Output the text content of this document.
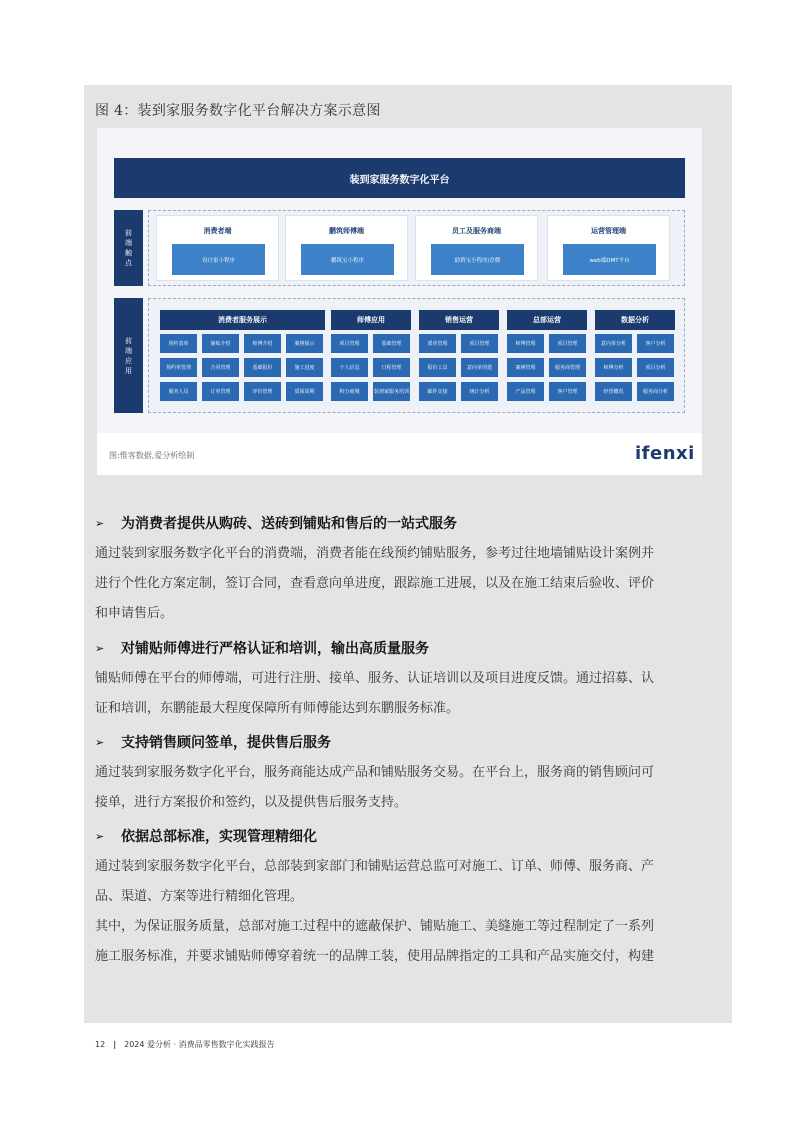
图 4：装到家服务数字化平台解决方案示意图
装到家服务数字化平台
前端触点
消费者端
设计家小程序
鹏筑师傅端
鹏筑宝小程序
员工及服务商端
助销宝小程序/企微
运营管理端
web端DMT平台
前端应用
消费者服务展示
预约表单	铺贴介绍	师傅介绍	案例展示
预约单管理	合同管理	基础报价	施工进度
服务人员	订单管理	评价管理	质保周期
师傅应用
项目管理	基础管理
个人信息	日程管理
积分商城	装到家服务培训
销售运营
派单管理	项目管理
报价工具	意向单创建
邮件交接	统计分析
总部运营
师傅管理	项目管理
案例管理	服务商管理
产品管理	客户管理
数据分析
意向单分析	客户分析
师傅分析	项目分析
经营概况	服务商分析
图:惟客数据,爱分析绘制	ifenxi
➢	为消费者提供从购砖、送砖到铺贴和售后的一站式服务
通过装到家服务数字化平台的消费端，消费者能在线预约铺贴服务，参考过往地墙铺贴设计案例并
进行个性化方案定制，签订合同，查看意向单进度，跟踪施工进展，以及在施工结束后验收、评价
和申请售后。
➢	对铺贴师傅进行严格认证和培训，输出高质量服务
铺贴师傅在平台的师傅端，可进行注册、接单、服务、认证培训以及项目进度反馈。通过招募、认
证和培训，东鹏能最大程度保障所有师傅能达到东鹏服务标准。
➢	支持销售顾问签单，提供售后服务
通过装到家服务数字化平台，服务商能达成产品和铺贴服务交易。在平台上，服务商的销售顾问可
接单，进行方案报价和签约，以及提供售后服务支持。
➢	依据总部标准，实现管理精细化
通过装到家服务数字化平台，总部装到家部门和铺贴运营总监可对施工、订单、师傅、服务商、产
品、渠道、方案等进行精细化管理。
其中，为保证服务质量，总部对施工过程中的遮蔽保护、铺贴施工、美缝施工等过程制定了一系列
施工服务标准，并要求铺贴师傅穿着统一的品牌工装，使用品牌指定的工具和产品实施交付，构建
12 | 2024 爱分析 · 消费品零售数字化实践报告
